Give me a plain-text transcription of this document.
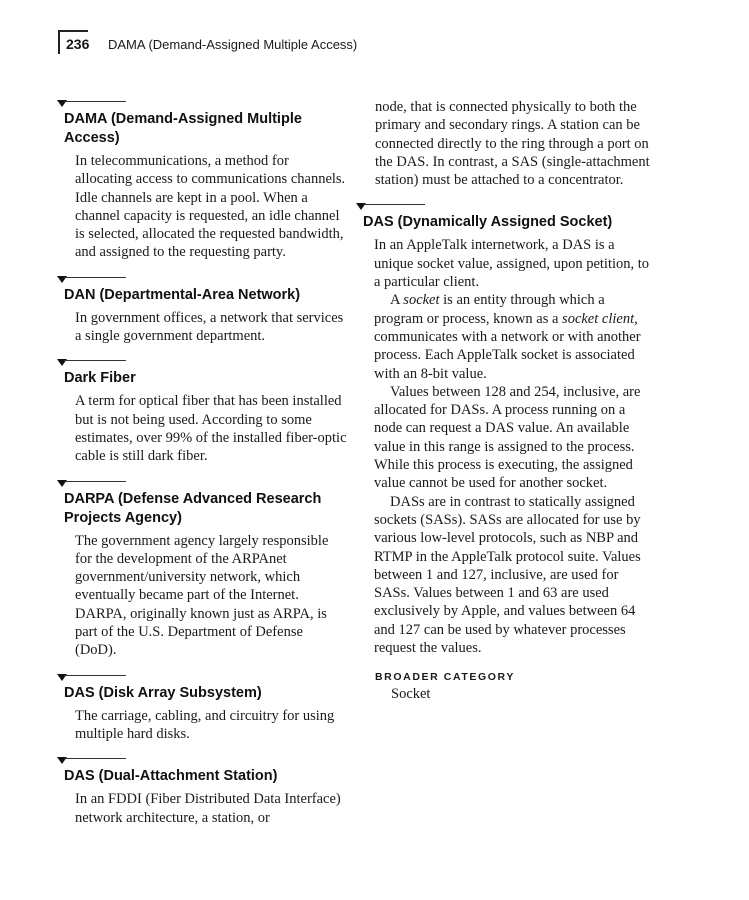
236 DAMA (Demand-Assigned Multiple Access)
DAMA (Demand-Assigned Multiple Access)

In telecommunications, a method for allocating access to communications channels. Idle channels are kept in a pool. When a channel capacity is requested, an idle channel is selected, allocated the requested bandwidth, and assigned to the requesting party.

DAN (Departmental-Area Network)

In government offices, a network that services a single government department.

Dark Fiber

A term for optical fiber that has been installed but is not being used. According to some estimates, over 99% of the installed fiber-optic cable is still dark fiber.

DARPA (Defense Advanced Research Projects Agency)

The government agency largely responsible for the development of the ARPAnet government/university network, which eventually became part of the Internet. DARPA, originally known just as ARPA, is part of the U.S. Department of Defense (DoD).

DAS (Disk Array Subsystem)

The carriage, cabling, and circuitry for using multiple hard disks.

DAS (Dual-Attachment Station)

In an FDDI (Fiber Distributed Data Interface) network architecture, a station, or

node, that is connected physically to both the primary and secondary rings. A station can be connected directly to the ring through a port on the DAS. In contrast, a SAS (single-attachment station) must be attached to a concentrator.
DAS (Dynamically Assigned Socket)

In an AppleTalk internetwork, a DAS is a unique socket value, assigned, upon petition, to a particular client.

A socket is an entity through which a program or process, known as a socket client, communicates with a network or with another process. Each AppleTalk socket is associated with an 8-bit value.

Values between 128 and 254, inclusive, are allocated for DASs. A process running on a node can request a DAS value. An available value in this range is assigned to the process. While this process is executing, the assigned value cannot be used for another socket.

DASs are in contrast to statically assigned sockets (SASs). SASs are allocated for use by various low-level protocols, such as NBP and RTMP in the AppleTalk protocol suite. Values between 1 and 127, inclusive, are used for SASs. Values between 1 and 63 are used exclusively by Apple, and values between 64 and 127 can be used by whatever processes request the values.

BROADER CATEGORY
Socket
